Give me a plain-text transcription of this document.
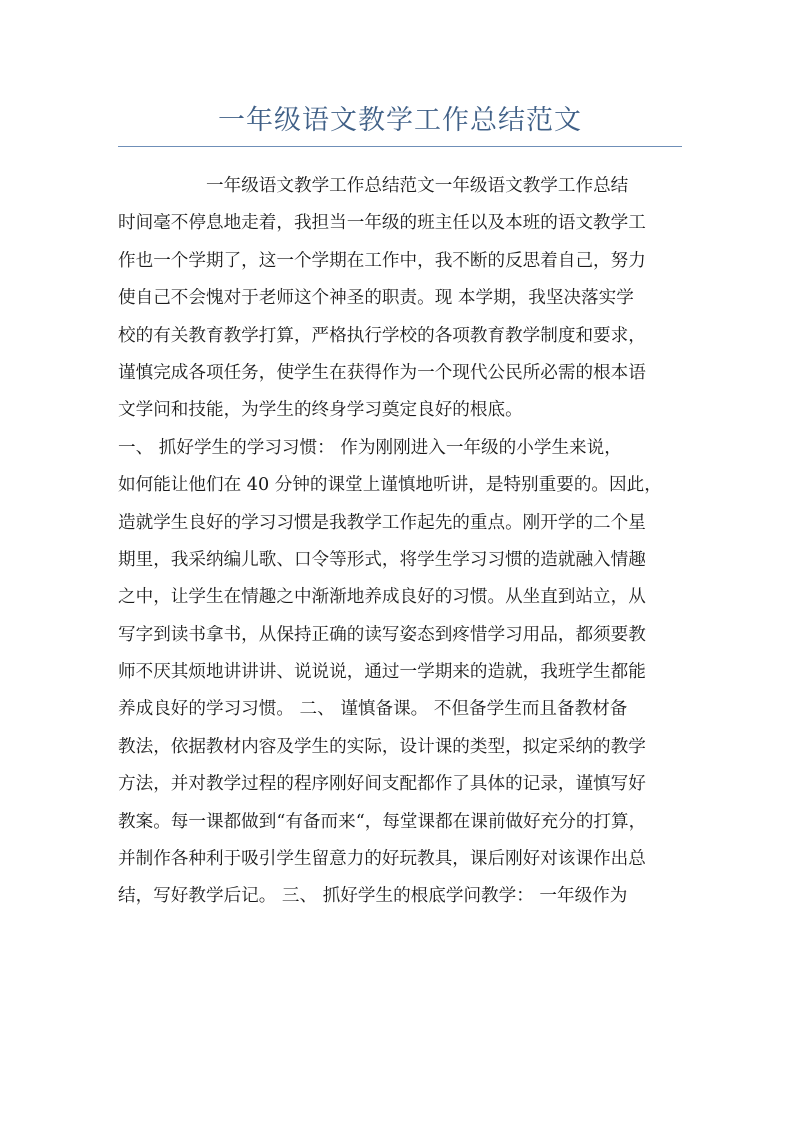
一年级语文教学工作总结范文
一年级语文教学工作总结范文一年级语文教学工作总结
时间毫不停息地走着，我担当一年级的班主任以及本班的语文教学工
作也一个学期了，这一个学期在工作中，我不断的反思着自己，努力
使自己不会愧对于老师这个神圣的职责。现 本学期，我坚决落实学
校的有关教育教学打算，严格执行学校的各项教育教学制度和要求，
谨慎完成各项任务，使学生在获得作为一个现代公民所必需的根本语
文学问和技能，为学生的终身学习奠定良好的根底。
一、 抓好学生的学习习惯： 作为刚刚进入一年级的小学生来说，
如何能让他们在 40 分钟的课堂上谨慎地听讲，是特别重要的。因此，
造就学生良好的学习习惯是我教学工作起先的重点。刚开学的二个星
期里，我采纳编儿歌、口令等形式，将学生学习习惯的造就融入情趣
之中，让学生在情趣之中渐渐地养成良好的习惯。从坐直到站立，从
写字到读书拿书，从保持正确的读写姿态到疼惜学习用品，都须要教
师不厌其烦地讲讲讲、说说说，通过一学期来的造就，我班学生都能
养成良好的学习习惯。 二、 谨慎备课。 不但备学生而且备教材备
教法，依据教材内容及学生的实际，设计课的类型，拟定采纳的教学
方法，并对教学过程的程序刚好间支配都作了具体的记录，谨慎写好
教案。每一课都做到“有备而来“，每堂课都在课前做好充分的打算，
并制作各种利于吸引学生留意力的好玩教具，课后刚好对该课作出总
结，写好教学后记。 三、 抓好学生的根底学问教学： 一年级作为
